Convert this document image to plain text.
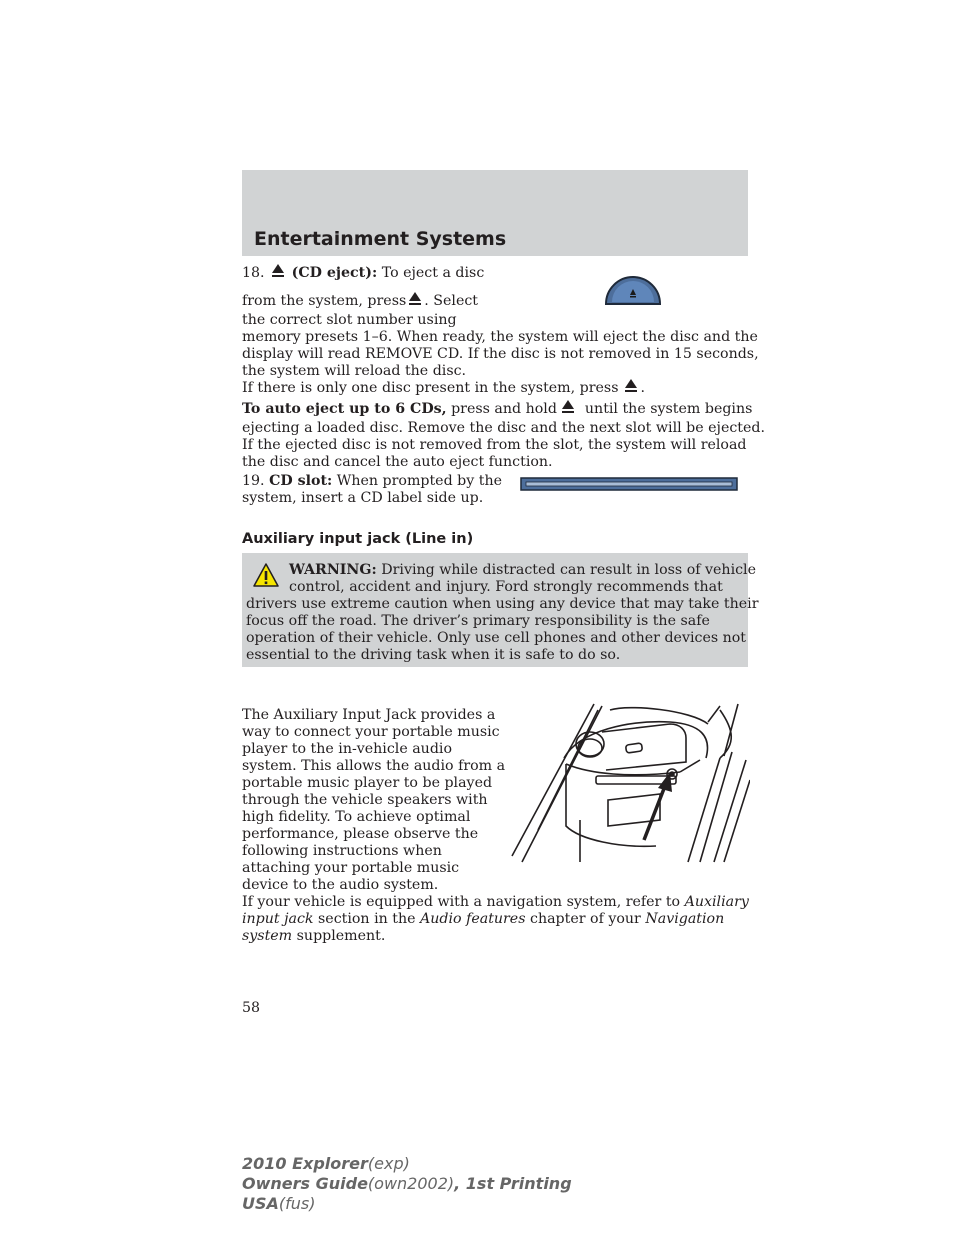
Entertainment Systems
18. (CD eject): To eject a disc
from the system, press . Select
the correct slot number using
memory presets 1–6. When ready, the system will eject the disc and the
display will read REMOVE CD. If the disc is not removed in 15 seconds,
the system will reload the disc.
If there is only one disc present in the system, press .
To auto eject up to 6 CDs, press and hold until the system begins
ejecting a loaded disc. Remove the disc and the next slot will be ejected.
If the ejected disc is not removed from the slot, the system will reload
the disc and cancel the auto eject function.
19. CD slot: When prompted by the
system, insert a CD label side up.
Auxiliary input jack (Line in)
WARNING: Driving while distracted can result in loss of vehicle
control, accident and injury. Ford strongly recommends that
drivers use extreme caution when using any device that may take their
focus off the road. The driver’s primary responsibility is the safe
operation of their vehicle. Only use cell phones and other devices not
essential to the driving task when it is safe to do so.
The Auxiliary Input Jack provides a
way to connect your portable music
player to the in-vehicle audio
system. This allows the audio from a
portable music player to be played
through the vehicle speakers with
high fidelity. To achieve optimal
performance, please observe the
following instructions when
attaching your portable music
device to the audio system.
If your vehicle is equipped with a navigation system, refer to Auxiliary
input jack section in the Audio features chapter of your Navigation
system supplement.
58
2010 Explorer(exp)
Owners Guide(own2002), 1st Printing
USA(fus)
